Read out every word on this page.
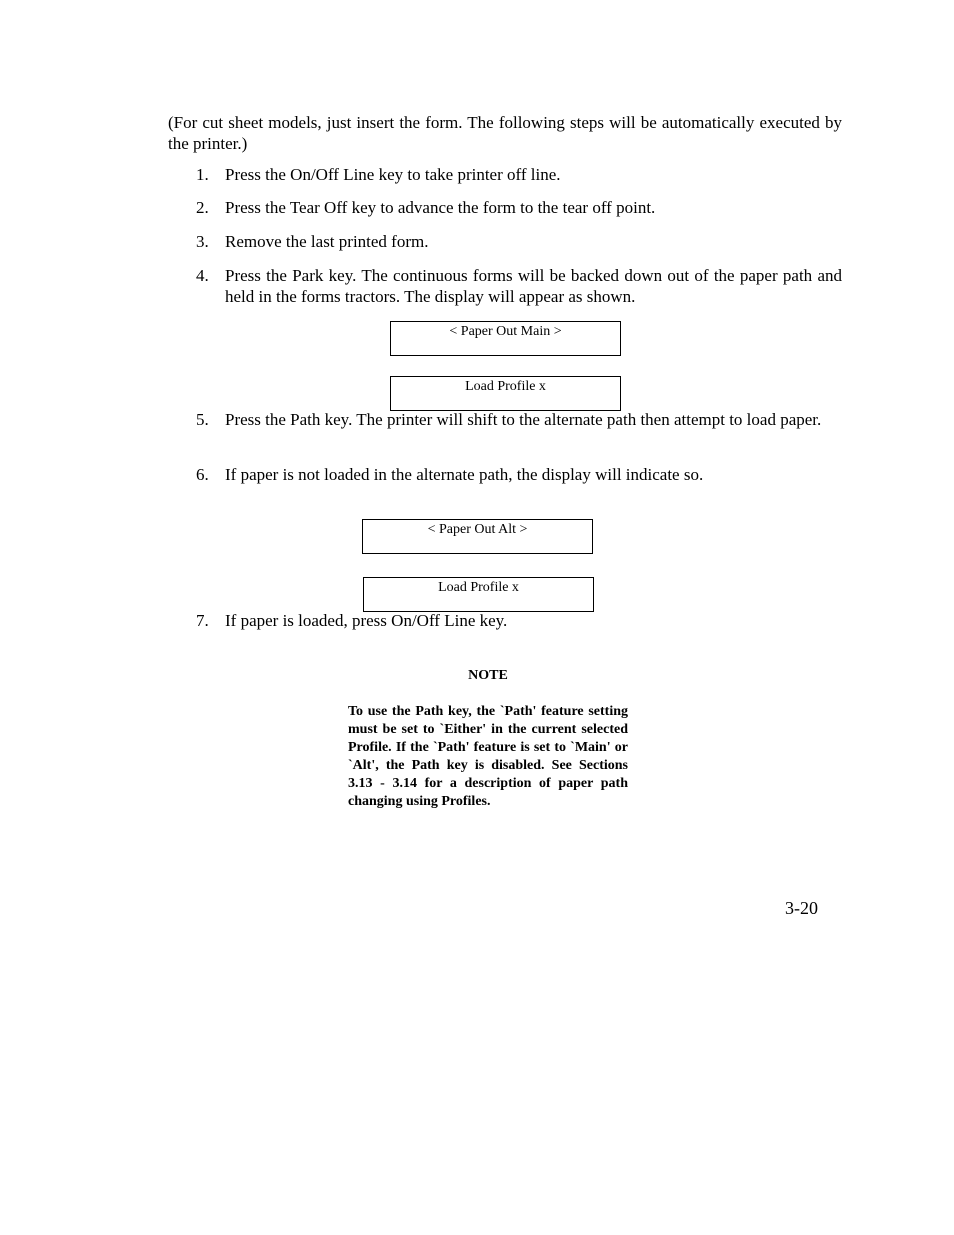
(For cut sheet models, just insert the form. The following steps will be automatically executed by the printer.)

1. Press the On/Off Line key to take printer off line.
2. Press the Tear Off key to advance the form to the tear off point.
3. Remove the last printed form.
4. Press the Park key. The continuous forms will be backed down out of the paper path and held in the forms tractors. The display will appear as shown.
< Paper Out Main >
Load Profile x
5. Press the Path key. The printer will shift to the alternate path then attempt to load paper.
6. If paper is not loaded in the alternate path, the display will indicate so.
< Paper Out Alt >
Load Profile x
7. If paper is loaded, press On/Off Line key.
NOTE

To use the Path key, the `Path' feature setting must be set to `Either' in the current selected Profile. If the `Path' feature is set to `Main' or `Alt', the Path key is disabled. See Sections 3.13 - 3.14 for a description of paper path changing using Profiles.

3-20
